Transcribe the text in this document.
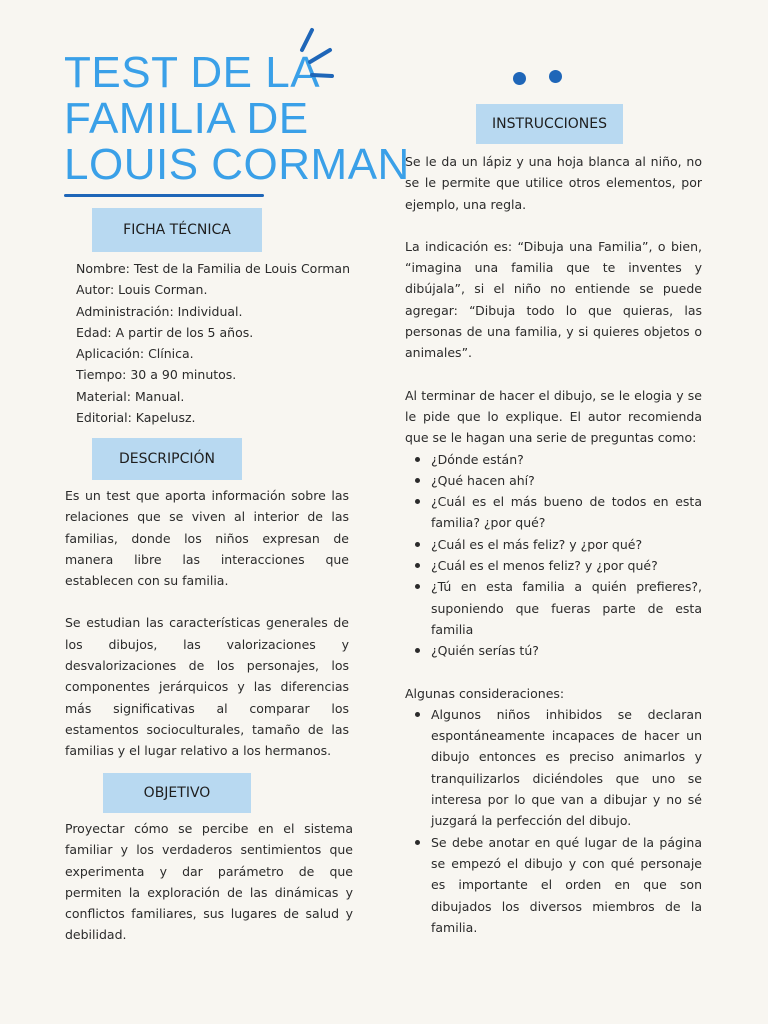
TEST DE LA
FAMILIA DE
LOUIS CORMAN
FICHA TÉCNICA
Nombre: Test de la Familia de Louis Corman
Autor: Louis Corman.
Administración: Individual.
Edad: A partir de los 5 años.
Aplicación: Clínica.
Tiempo: 30 a 90 minutos.
Material: Manual.
Editorial: Kapelusz.
DESCRIPCIÓN

Es un test que aporta información sobre las relaciones que se viven al interior de las familias, donde los niños expresan de manera libre las interacciones que establecen con su familia.

Se estudian las características generales de los dibujos, las valorizaciones y desvalorizaciones de los personajes, los componentes jerárquicos y las diferencias más significativas al comparar los estamentos socioculturales, tamaño de las familias y el lugar relativo a los hermanos.

OBJETIVO
Proyectar cómo se percibe en el sistema familiar y los verdaderos sentimientos que experimenta y dar parámetro de que permiten la exploración de las dinámicas y conflictos familiares, sus lugares de salud y debilidad.
INSTRUCCIONES

Se le da un lápiz y una hoja blanca al niño, no se le permite que utilice otros elementos, por ejemplo, una regla.

La indicación es: “Dibuja una Familia”, o bien, “imagina una familia que te inventes y dibújala”, si el niño no entiende se puede agregar: “Dibuja todo lo que quieras, las personas de una familia, y si quieres objetos o animales”.

Al terminar de hacer el dibujo, se le elogia y se le pide que lo explique. El autor recomienda que se le hagan una serie de preguntas como:

¿Dónde están?
¿Qué hacen ahí?
¿Cuál es el más bueno de todos en esta familia? ¿por qué?
¿Cuál es el más feliz? y ¿por qué?
¿Cuál es el menos feliz? y ¿por qué?
¿Tú en esta familia a quién prefieres?, suponiendo que fueras parte de esta familia
¿Quién serías tú?

Algunas consideraciones:

Algunos niños inhibidos se declaran espontáneamente incapaces de hacer un dibujo entonces es preciso animarlos y tranquilizarlos diciéndoles que uno se interesa por lo que van a dibujar y no sé juzgará la perfección del dibujo.
Se debe anotar en qué lugar de la página se empezó el dibujo y con qué personaje es importante el orden en que son dibujados los diversos miembros de la familia.
